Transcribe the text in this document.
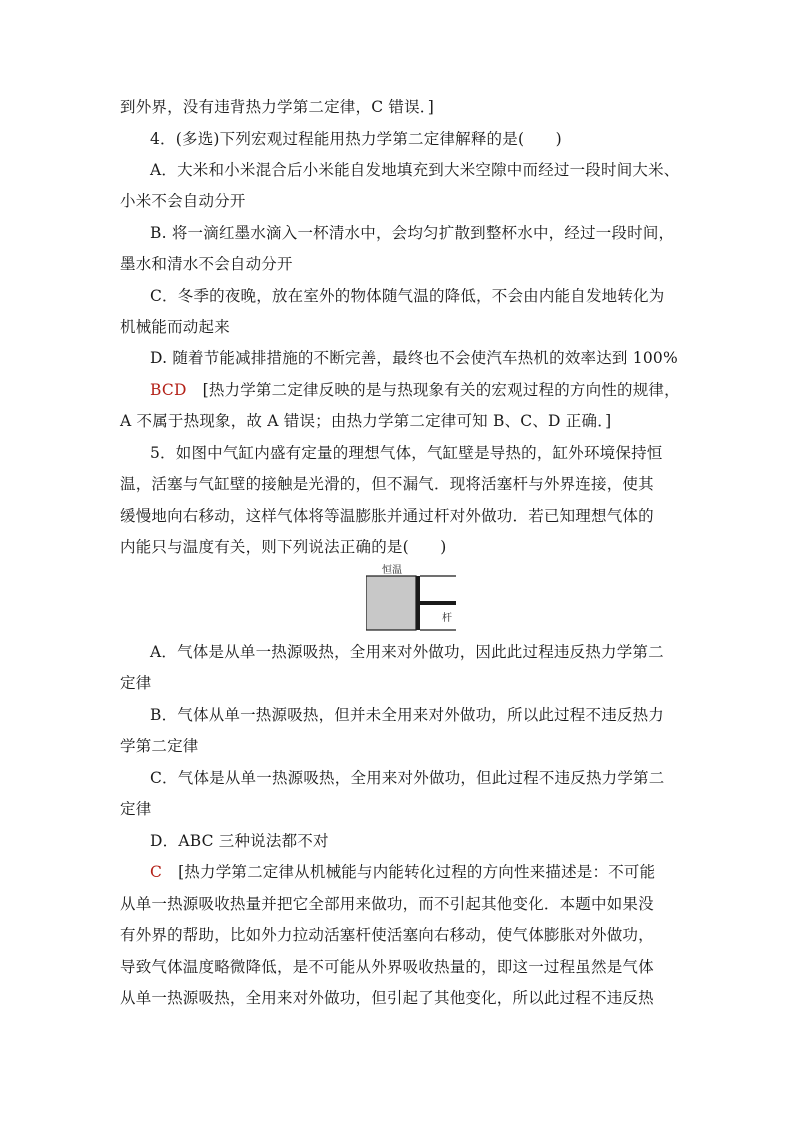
到外界，没有违背热力学第二定律，C 错误．]
4．(多选)下列宏观过程能用热力学第二定律解释的是(　　)
A．大米和小米混合后小米能自发地填充到大米空隙中而经过一段时间大米、
小米不会自动分开
B. 将一滴红墨水滴入一杯清水中，会均匀扩散到整杯水中，经过一段时间，
墨水和清水不会自动分开
C．冬季的夜晚，放在室外的物体随气温的降低，不会由内能自发地转化为
机械能而动起来
D. 随着节能减排措施的不断完善，最终也不会使汽车热机的效率达到 100%
BCD [热力学第二定律反映的是与热现象有关的宏观过程的方向性的规律，
A 不属于热现象，故 A 错误；由热力学第二定律可知 B、C、D 正确．]
5．如图中气缸内盛有定量的理想气体，气缸壁是导热的，缸外环境保持恒
温，活塞与气缸壁的接触是光滑的，但不漏气．现将活塞杆与外界连接，使其
缓慢地向右移动，这样气体将等温膨胀并通过杆对外做功．若已知理想气体的
内能只与温度有关，则下列说法正确的是(　　)
恒温
杆
A．气体是从单一热源吸热，全用来对外做功，因此此过程违反热力学第二
定律
B．气体从单一热源吸热，但并未全用来对外做功，所以此过程不违反热力
学第二定律
C．气体是从单一热源吸热，全用来对外做功，但此过程不违反热力学第二
定律
D．ABC 三种说法都不对
C [热力学第二定律从机械能与内能转化过程的方向性来描述是：不可能
从单一热源吸收热量并把它全部用来做功，而不引起其他变化．本题中如果没
有外界的帮助，比如外力拉动活塞杆使活塞向右移动，使气体膨胀对外做功，
导致气体温度略微降低，是不可能从外界吸收热量的，即这一过程虽然是气体
从单一热源吸热，全用来对外做功，但引起了其他变化，所以此过程不违反热
